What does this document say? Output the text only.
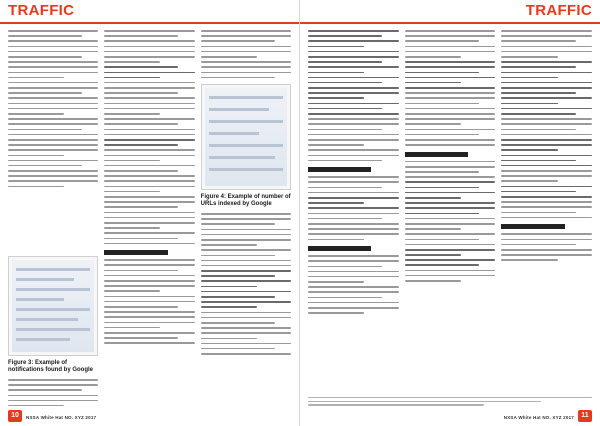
TRAFFIC
Figure 3: Example of notifications found by Google
Figure 4: Example of number of URLs indexed by Google
10	NXSA White Hat NO. XYZ 2017
TRAFFIC
11
NXSA White Hat NO. XYZ 2017
